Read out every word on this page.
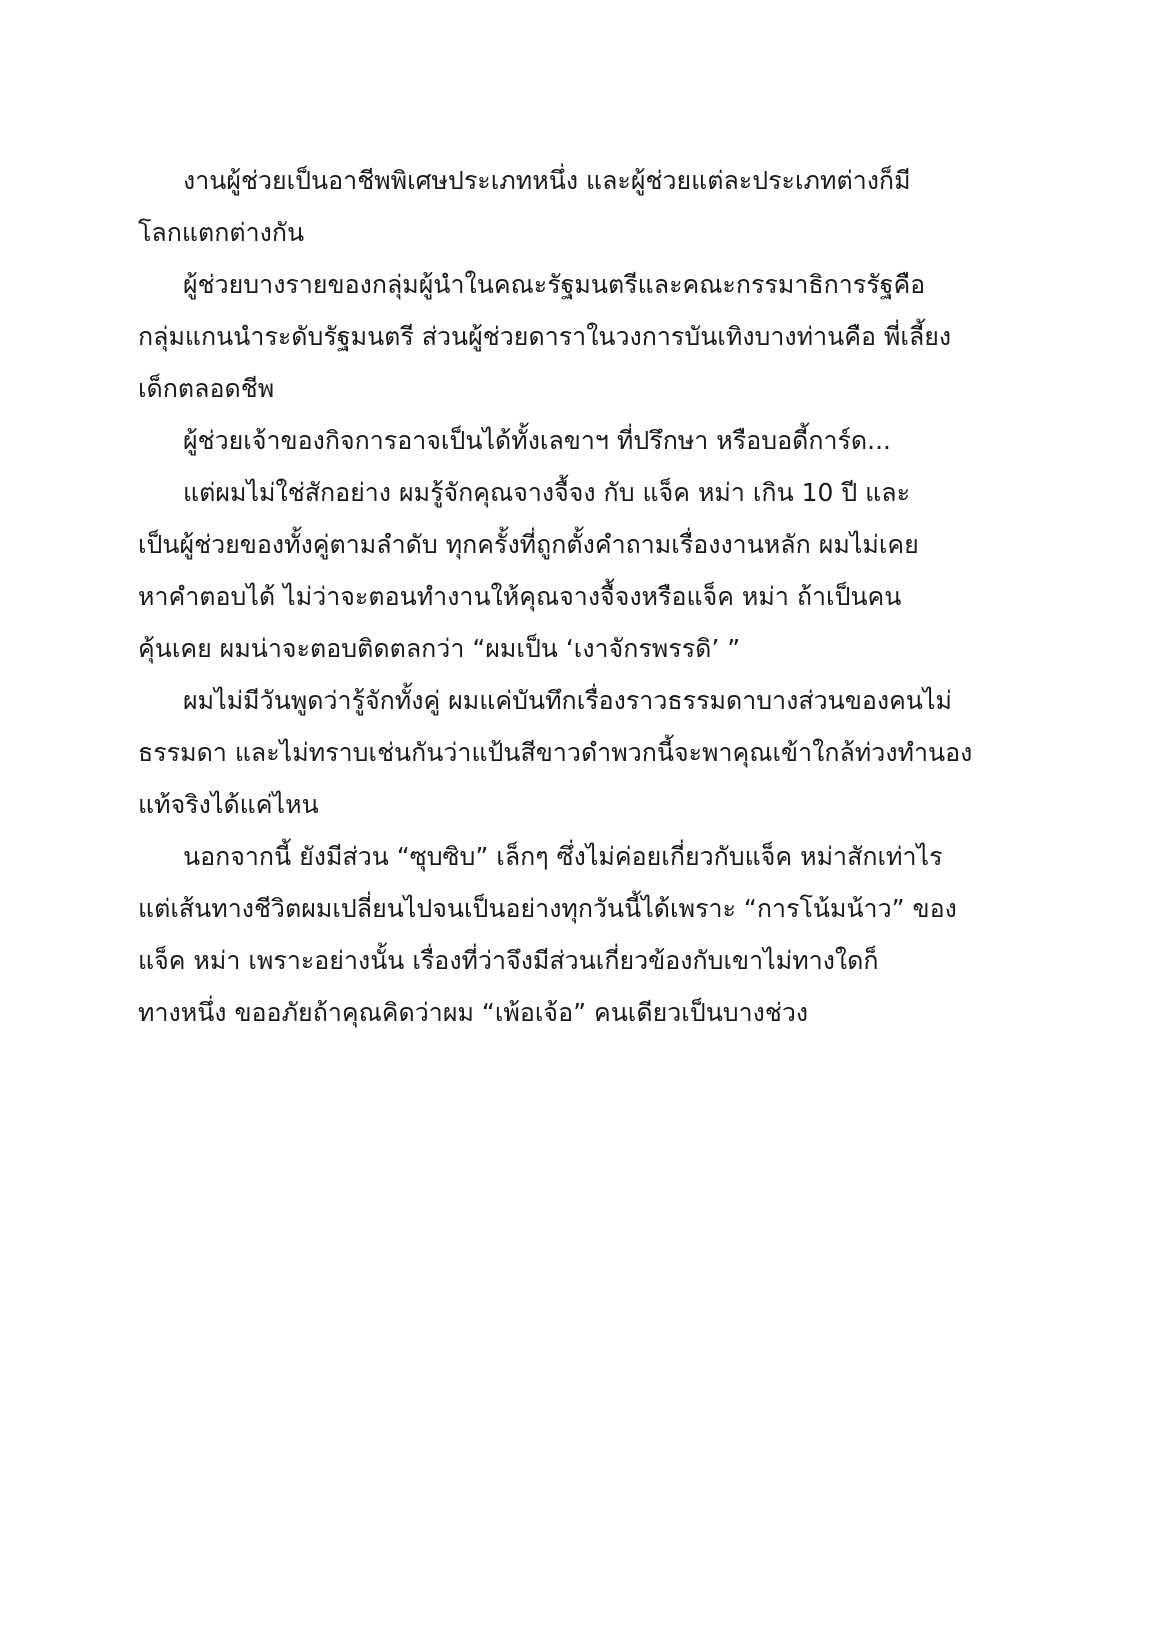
งานผู้ช่วยเป็นอาชีพพิเศษประเภทหนึ่ง และผู้ช่วยแต่ละประเภทต่างก็มี
โลกแตกต่างกัน
ผู้ช่วยบางรายของกลุ่มผู้นำในคณะรัฐมนตรีและคณะกรรมาธิการรัฐคือ
กลุ่มแกนนำระดับรัฐมนตรี ส่วนผู้ช่วยดาราในวงการบันเทิงบางท่านคือ พี่เลี้ยง
เด็กตลอดชีพ
ผู้ช่วยเจ้าของกิจการอาจเป็นได้ทั้งเลขาฯ ที่ปรึกษา หรือบอดี้การ์ด...
แต่ผมไม่ใช่สักอย่าง ผมรู้จักคุณจางจื้จง กับ แจ็ค หม่า เกิน 10 ปี และ
เป็นผู้ช่วยของทั้งคู่ตามลำดับ ทุกครั้งที่ถูกตั้งคำถามเรื่องงานหลัก ผมไม่เคย
หาคำตอบได้ ไม่ว่าจะตอนทำงานให้คุณจางจื้จงหรือแจ็ค หม่า ถ้าเป็นคน
คุ้นเคย ผมน่าจะตอบติดตลกว่า “ผมเป็น ‘เงาจักรพรรดิ’ ”
ผมไม่มีวันพูดว่ารู้จักทั้งคู่ ผมแค่บันทึกเรื่องราวธรรมดาบางส่วนของคนไม่
ธรรมดา และไม่ทราบเช่นกันว่าแป้นสีขาวดำพวกนี้จะพาคุณเข้าใกล้ท่วงทำนอง
แท้จริงได้แค่ไหน
นอกจากนี้ ยังมีส่วน “ซุบซิบ” เล็กๆ ซึ่งไม่ค่อยเกี่ยวกับแจ็ค หม่าสักเท่าไร
แต่เส้นทางชีวิตผมเปลี่ยนไปจนเป็นอย่างทุกวันนี้ได้เพราะ “การโน้มน้าว” ของ
แจ็ค หม่า เพราะอย่างนั้น เรื่องที่ว่าจึงมีส่วนเกี่ยวข้องกับเขาไม่ทางใดก็
ทางหนึ่ง ขออภัยถ้าคุณคิดว่าผม “เพ้อเจ้อ” คนเดียวเป็นบางช่วง
